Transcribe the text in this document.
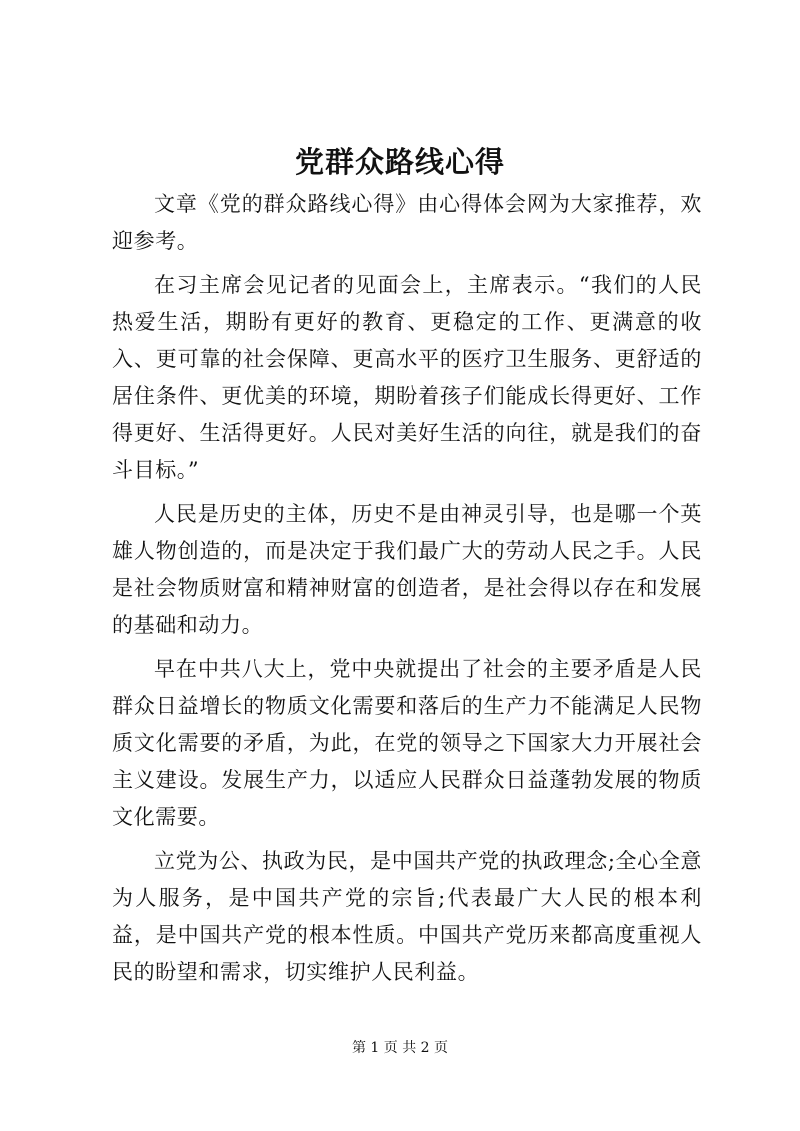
党群众路线心得

文章《党的群众路线心得》由心得体会网为大家推荐，欢迎参考。

在习主席会见记者的见面会上，主席表示。“我们的人民热爱生活，期盼有更好的教育、更稳定的工作、更满意的收入、更可靠的社会保障、更高水平的医疗卫生服务、更舒适的居住条件、更优美的环境，期盼着孩子们能成长得更好、工作得更好、生活得更好。人民对美好生活的向往，就是我们的奋斗目标。”

人民是历史的主体，历史不是由神灵引导，也是哪一个英雄人物创造的，而是决定于我们最广大的劳动人民之手。人民是社会物质财富和精神财富的创造者，是社会得以存在和发展的基础和动力。

早在中共八大上，党中央就提出了社会的主要矛盾是人民群众日益增长的物质文化需要和落后的生产力不能满足人民物质文化需要的矛盾，为此，在党的领导之下国家大力开展社会主义建设。发展生产力，以适应人民群众日益蓬勃发展的物质文化需要。

立党为公、执政为民，是中国共产党的执政理念;全心全意为人服务，是中国共产党的宗旨;代表最广大人民的根本利益，是中国共产党的根本性质。中国共产党历来都高度重视人民的盼望和需求，切实维护人民利益。

第 1 页 共 2 页
